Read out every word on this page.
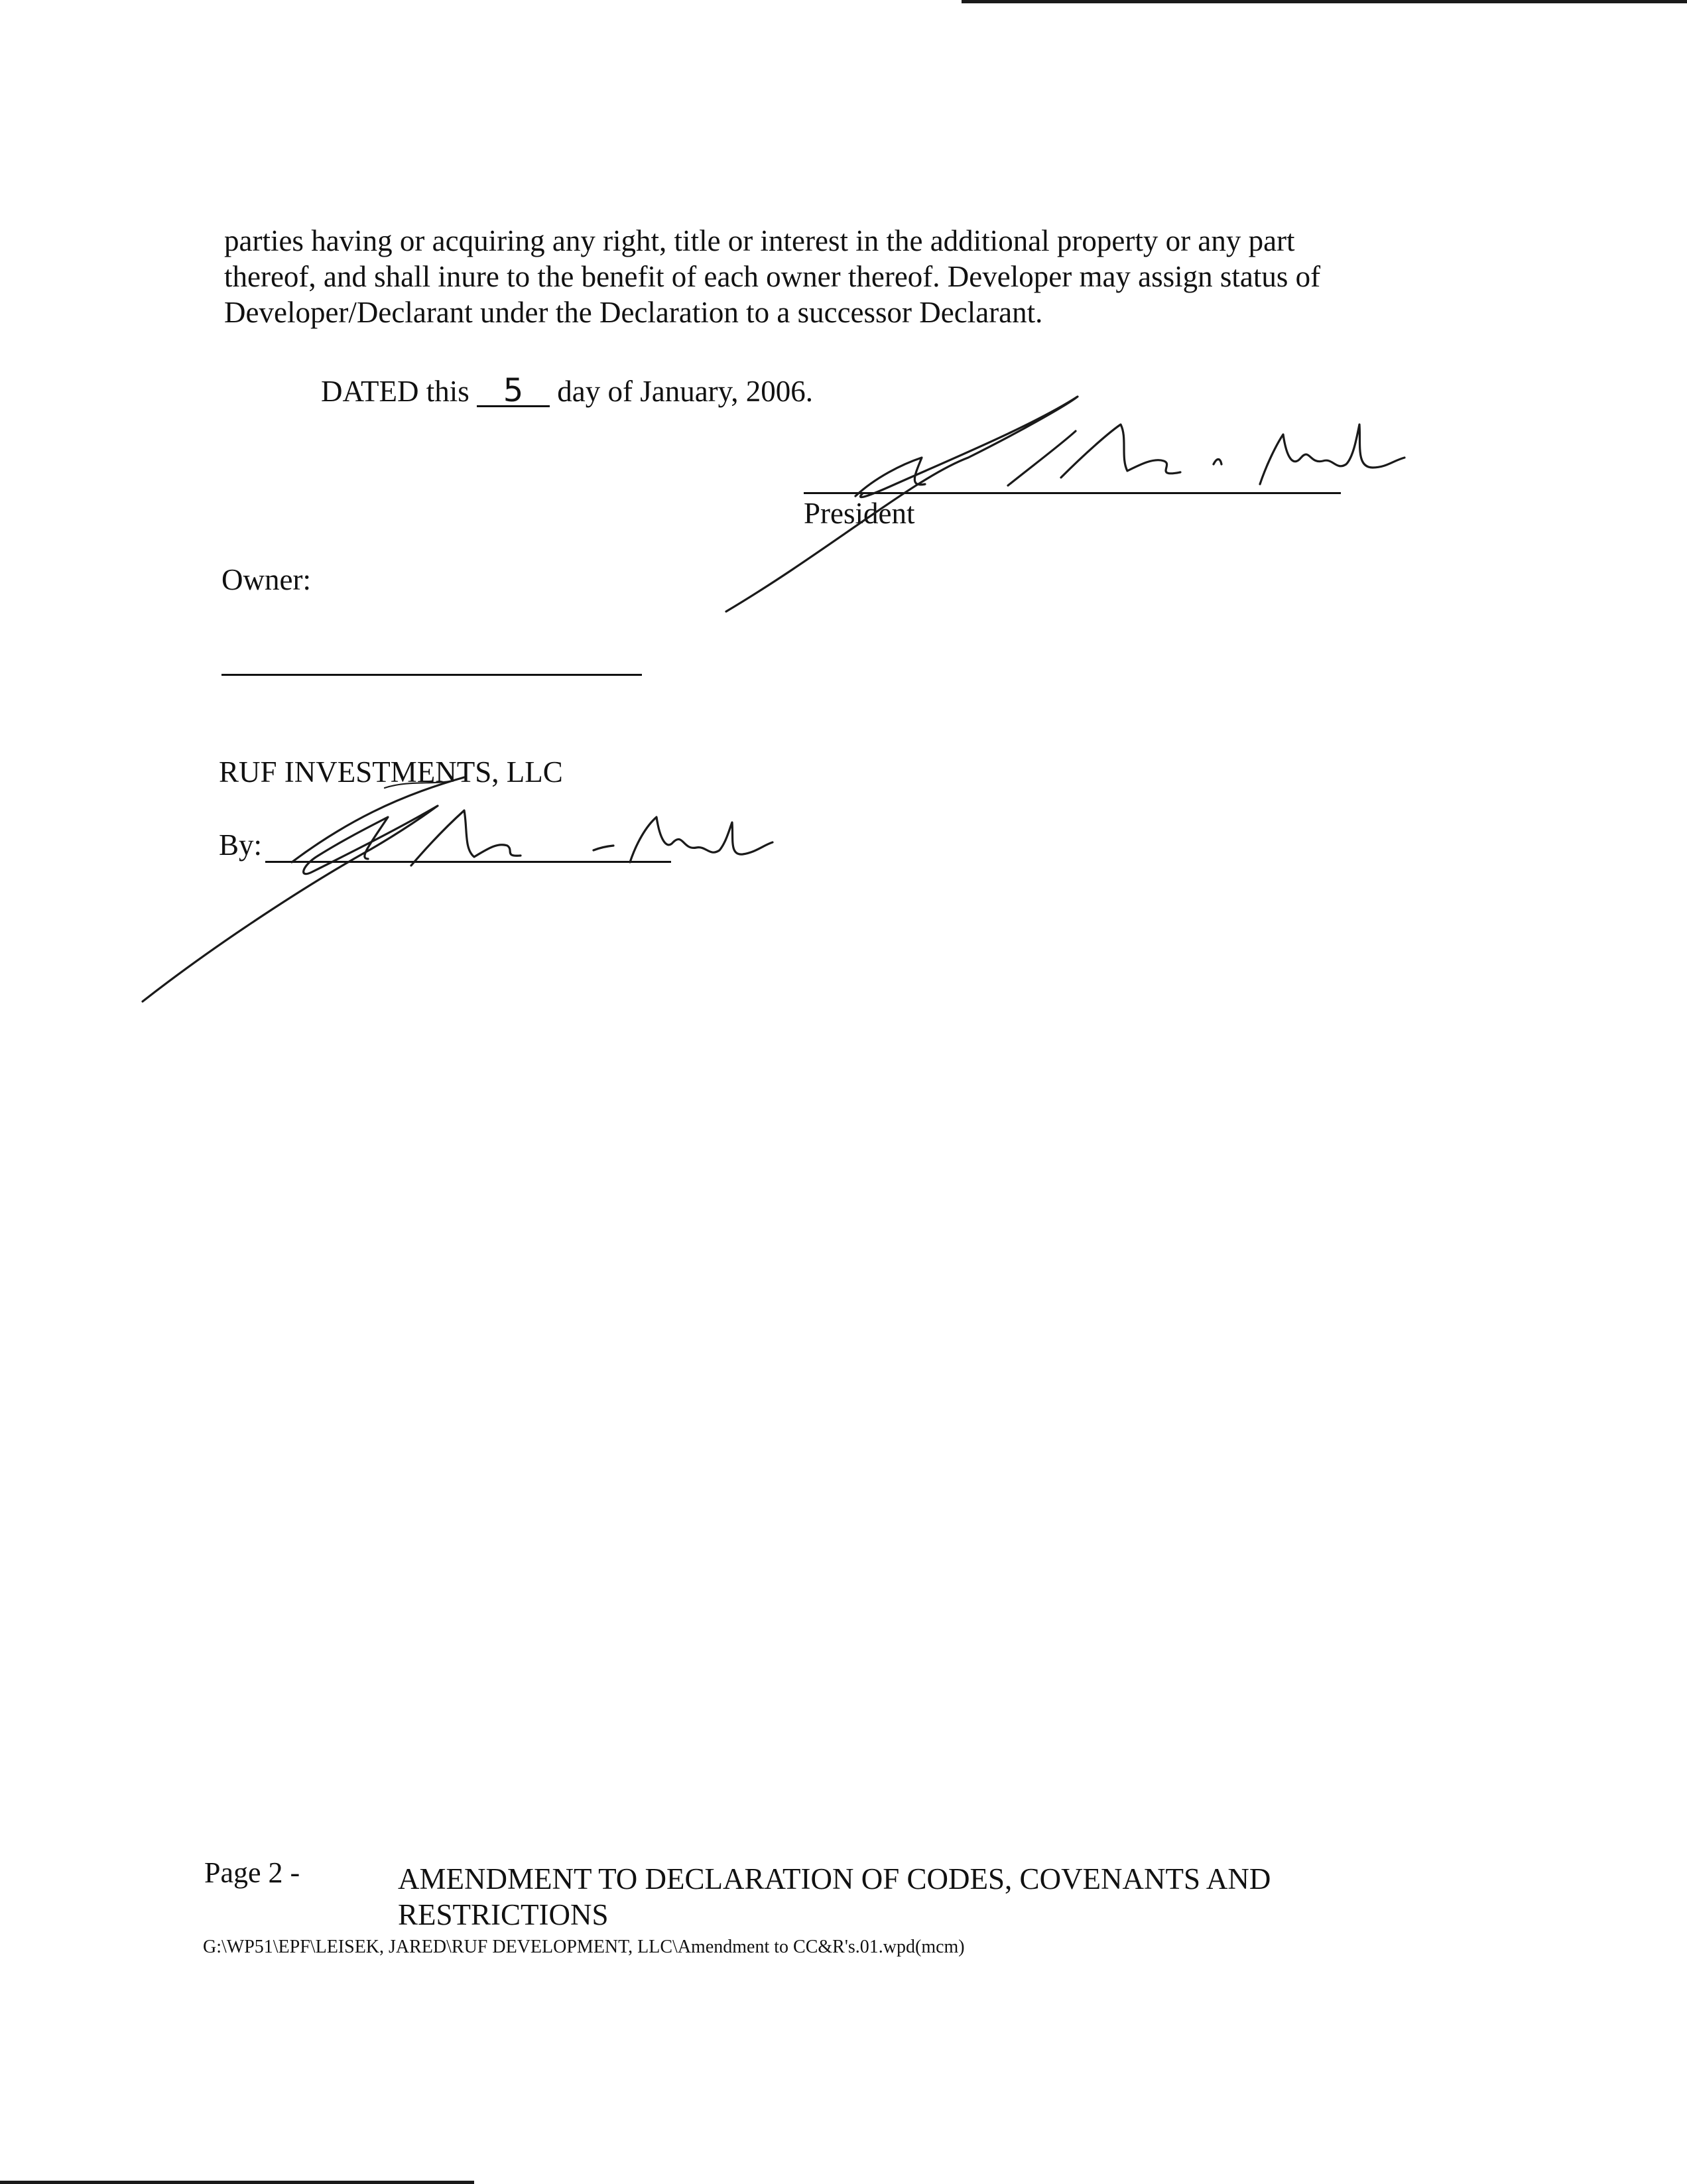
parties having or acquiring any right, title or interest in the additional property or any part
thereof, and shall inure to the benefit of each owner thereof. Developer may assign status of
Developer/Declarant under the Declaration to a successor Declarant.
DATED this 5 day of January, 2006.
President
Owner:
RUF INVESTMENTS, LLC
By:
Page 2 -	AMENDMENT TO DECLARATION OF CODES, COVENANTS AND
RESTRICTIONS
G:\WP51\EPF\LEISEK, JARED\RUF DEVELOPMENT, LLC\Amendment to CC&R's.01.wpd(mcm)
